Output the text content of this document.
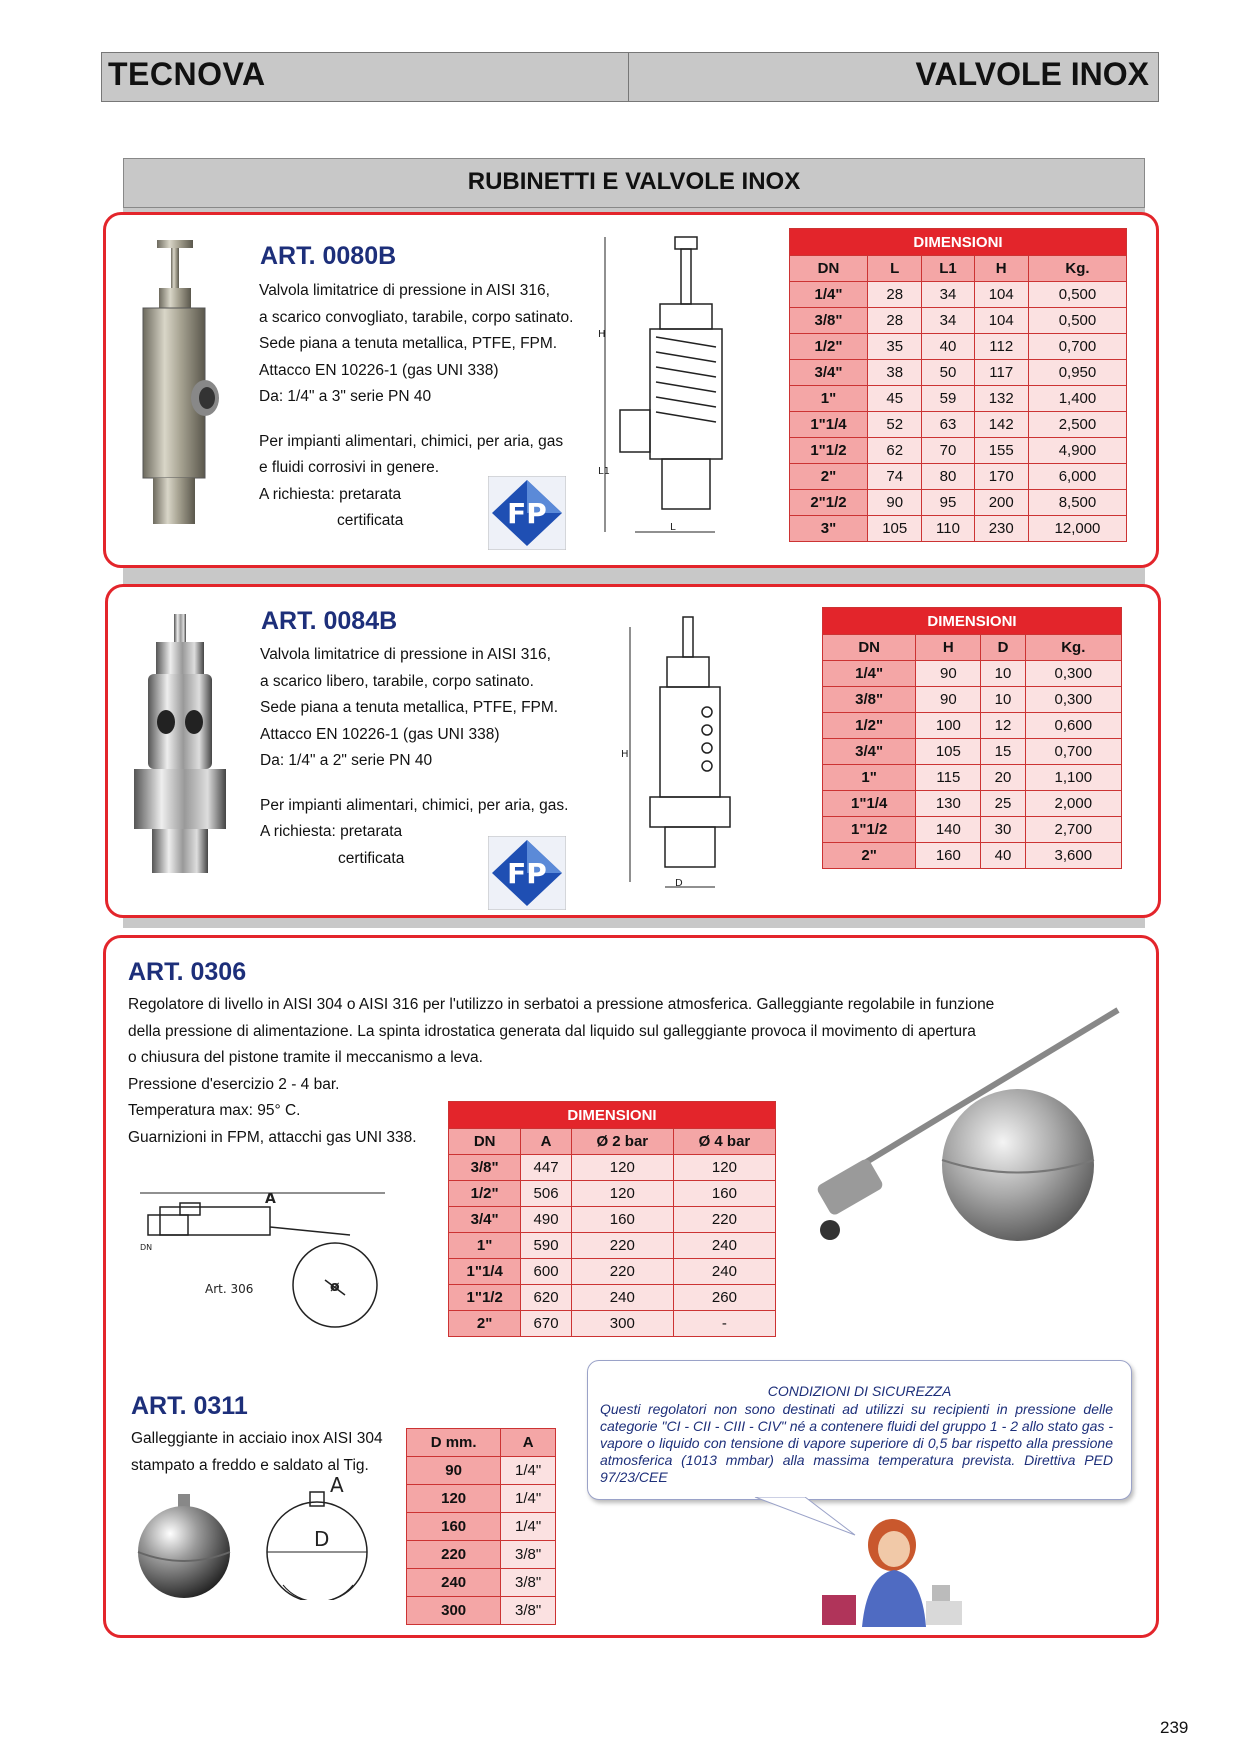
TECNOVA	VALVOLE INOX
RUBINETTI E VALVOLE INOX
ART. 0080B
Valvola limitatrice di pressione in AISI 316,
a scarico convogliato, tarabile, corpo satinato.
Sede piana a tenuta metallica, PTFE, FPM.
Attacco EN 10226-1 (gas UNI 338)
Da: 1/4" a 3" serie PN 40
Per impianti alimentari, chimici, per aria, gas
e fluidi corrosivi in genere.
A richiesta: pretarata
certificata	FP
H
L1
L
DIMENSIONI				
DN	L	L1	H	Kg.
1/4"	28	34	104	0,500
3/8"	28	34	104	0,500
1/2"	35	40	112	0,700
3/4"	38	50	117	0,950
1"	45	59	132	1,400
1"1/4	52	63	142	2,500
1"1/2	62	70	155	4,900
2"	74	80	170	6,000
2"1/2	90	95	200	8,500
3"	105	110	230	12,000
ART. 0084B
Valvola limitatrice di pressione in AISI 316,
a scarico libero, tarabile, corpo satinato.
Sede piana a tenuta metallica, PTFE, FPM.
Attacco EN 10226-1 (gas UNI 338)
Da: 1/4" a 2" serie PN 40
Per impianti alimentari, chimici, per aria, gas.
A richiesta: pretarata
certificata	FP
H
D
DIMENSIONI			
DN	H	D	Kg.
1/4"	90	10	0,300
3/8"	90	10	0,300
1/2"	100	12	0,600
3/4"	105	15	0,700
1"	115	20	1,100
1"1/4	130	25	2,000
1"1/2	140	30	2,700
2"	160	40	3,600
ART. 0306
Regolatore di livello in AISI 304 o AISI 316 per l'utilizzo in serbatoi a pressione atmosferica. Galleggiante regolabile in funzione
della pressione di alimentazione. La spinta idrostatica generata dal liquido sul galleggiante provoca il movimento di apertura
o chiusura del pistone tramite il meccanismo a leva.
Pressione d'esercizio 2 - 4 bar.
Temperatura max: 95° C.
Guarnizioni in FPM, attacchi gas UNI 338.
A
DN
Art. 306	ø
DIMENSIONI			
DN	A	Ø 2 bar	Ø 4 bar
3/8"	447	120	120
1/2"	506	120	160
3/4"	490	160	220
1"	590	220	240
1"1/4	600	220	240
1"1/2	620	240	260
2"	670	300	-
ART. 0311
Galleggiante in acciaio inox AISI 304
stampato a freddo e saldato al Tig.
A
D
D mm.	A
90	1/4"
120	1/4"
160	1/4"
220	3/8"
240	3/8"
300	3/8"
CONDIZIONI DI SICUREZZA
Questi regolatori non sono destinati ad utilizzi su recipienti in pressione delle categorie "CI - CII - CIII - CIV" né a contenere fluidi del gruppo 1 - 2 allo stato gas - vapore o liquido con tensione di vapore superiore di 0,5 bar rispetto alla pressione atmosferica (1013 mmbar) alla massima temperatura prevista. Direttiva PED 97/23/CEE
239
